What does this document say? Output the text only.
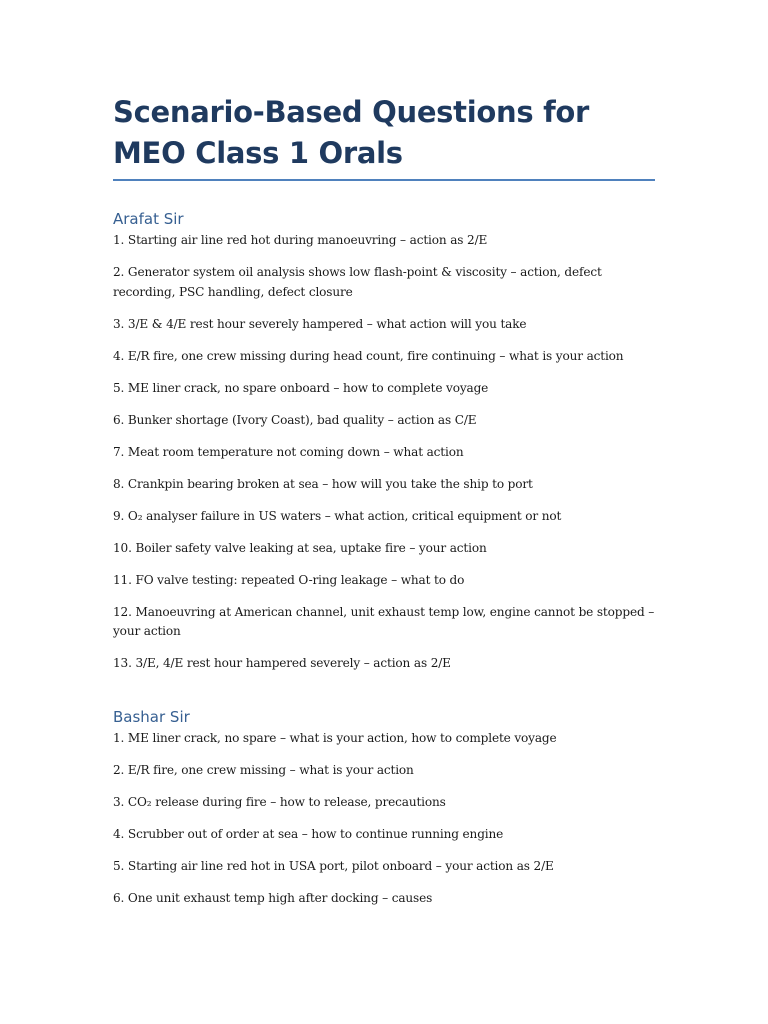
Scenario-Based Questions for MEO Class 1 Orals
Arafat Sir
1. Starting air line red hot during manoeuvring – action as 2/E
2. Generator system oil analysis shows low flash-point & viscosity – action, defect recording, PSC handling, defect closure
3. 3/E & 4/E rest hour severely hampered – what action will you take
4. E/R fire, one crew missing during head count, fire continuing – what is your action
5. ME liner crack, no spare onboard – how to complete voyage
6. Bunker shortage (Ivory Coast), bad quality – action as C/E
7. Meat room temperature not coming down – what action
8. Crankpin bearing broken at sea – how will you take the ship to port
9. O₂ analyser failure in US waters – what action, critical equipment or not
10. Boiler safety valve leaking at sea, uptake fire – your action
11. FO valve testing: repeated O-ring leakage – what to do
12. Manoeuvring at American channel, unit exhaust temp low, engine cannot be stopped – your action
13. 3/E, 4/E rest hour hampered severely – action as 2/E
Bashar Sir
1. ME liner crack, no spare – what is your action, how to complete voyage
2. E/R fire, one crew missing – what is your action
3. CO₂ release during fire – how to release, precautions
4. Scrubber out of order at sea – how to continue running engine
5. Starting air line red hot in USA port, pilot onboard – your action as 2/E
6. One unit exhaust temp high after docking – causes
